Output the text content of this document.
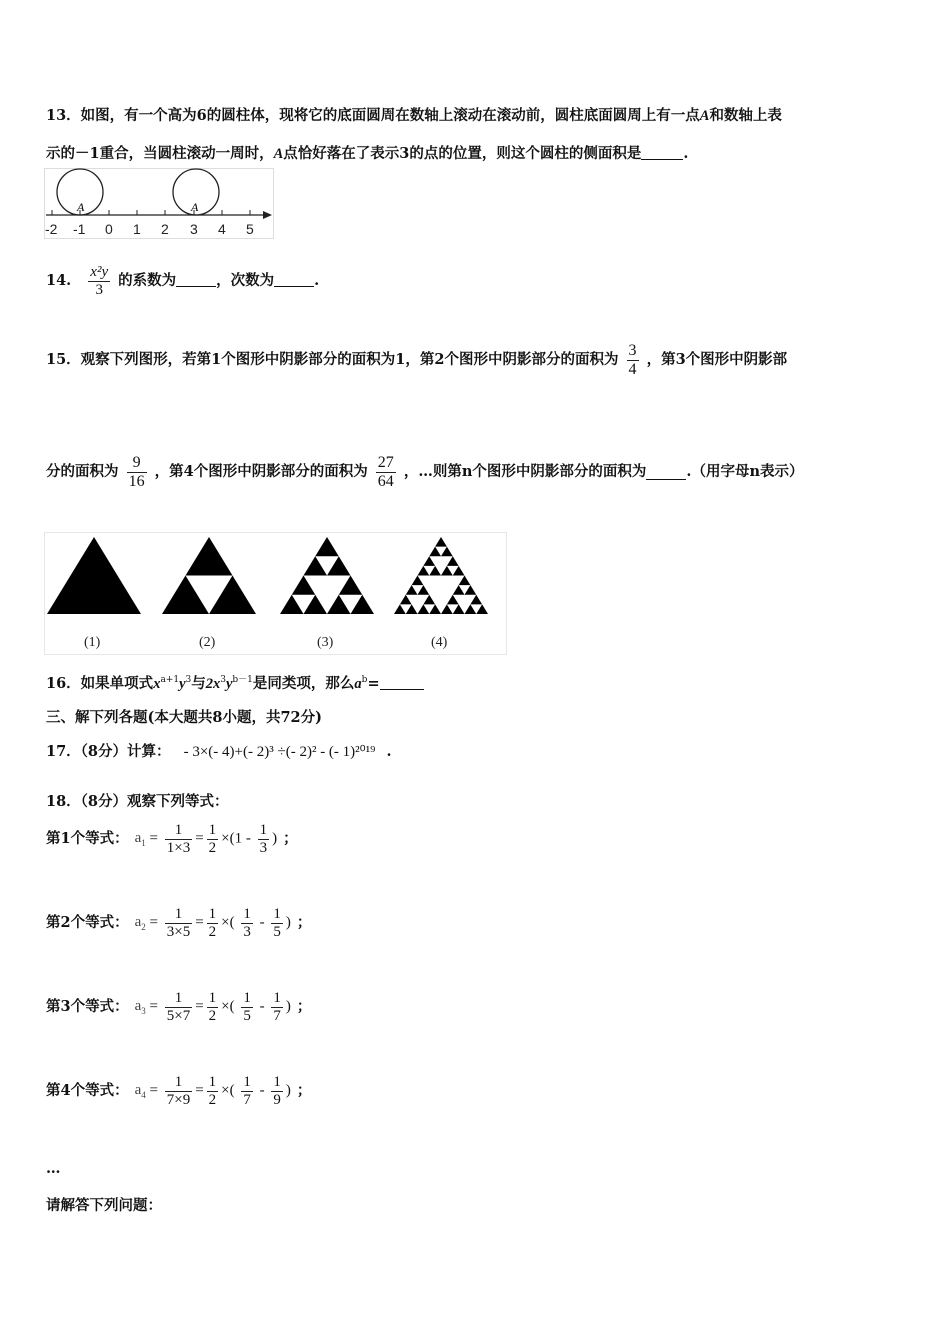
13．如图，有一个高为6的圆柱体，现将它的底面圆周在数轴上滚动在滚动前，圆柱底面圆周上有一点A和数轴上表
示的－1重合，当圆柱滚动一周时，A点恰好落在了表示3的点的位置，则这个圆柱的侧面积是	.
A	A
-2 -1 0 1 2 3 4 5
14. $\frac{\text{x²y}}{3}$ 的系数为	，次数为	.
15．观察下列图形，若第1个图形中阴影部分的面积为1，第2个图形中阴影部分的面积为 $\frac{3}{4}$ ，第3个图形中阴影部
分的面积为 $\frac{9}{16}$ ，第4个图形中阴影部分的面积为 $\frac{27}{64}$ ，…则第n个图形中阴影部分的面积为	.（用字母n表示）
(1)	(2)	(3)	(4)
16．如果单项式$x^{a+1}y^3$与$2x^3y^{b-1}$是同类项，那么$a^b=$
三、解下列各题(本大题共8小题，共72分)
17．（8分）计算： - 3×(- 4)+(- 2)³ ÷(- 2)² - (- 1)²⁰¹⁹ .
18．（8分）观察下列等式：
第1个等式： $a_1 = \frac{1}{1\times 3} = \frac{1}{2} \times(1 - \frac{1}{3}$ ) ；
第2个等式： $a_2 = \frac{1}{3\times 5} = \frac{1}{2}$ ×( $\frac{1}{3} - \frac{1}{5}$ ) ；
第3个等式： $a_3 = \frac{1}{5\times 7} = \frac{1}{2}$ ×( $\frac{1}{5} - \frac{1}{7}$ ) ；
第4个等式： $a_4 = \frac{1}{7\times 9} = \frac{1}{2}$ ×( $\frac{1}{7} - \frac{1}{9}$ ) ；
…
请解答下列问题：
